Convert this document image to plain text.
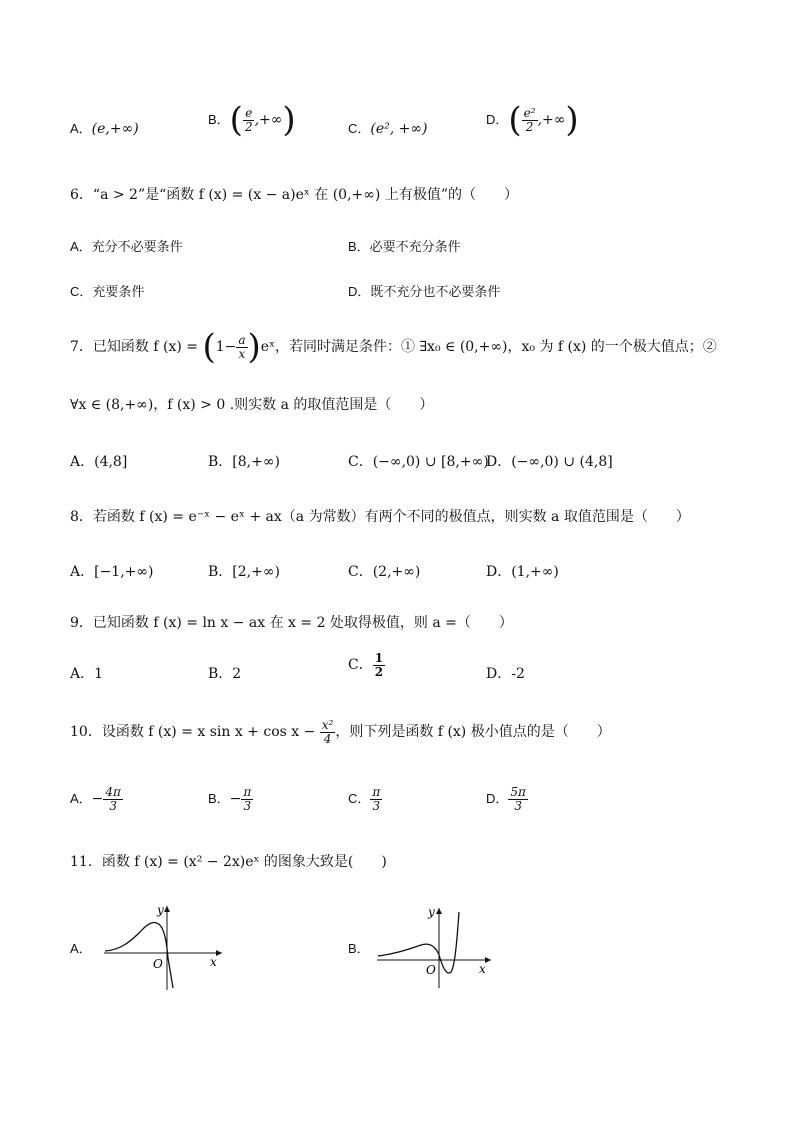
A．(e,+∞)
B．( $\frac{e}{2}$ ,+∞)	C．(e², +∞)
D．( $\frac{\text{e²}}{2}$ ,+∞)
6．“a > 2”是“函数 f (x) = (x − a)eˣ 在 (0,+∞) 上有极值”的（　　）
A．充分不必要条件	B．必要不充分条件
C．充要条件	D．既不充分也不必要条件
7．已知函数 f $(x) = (1- \frac{a}{x}$ )eˣ，若同时满足条件：① ∃x₀ ∈ (0,+∞)，x₀ 为 f (x) 的一个极大值点；②
∀x ∈ (8,+∞)，f (x) > 0 .则实数 a 的取值范围是（　　）
A．(4,8]	B．[8,+∞)	C．(−∞,0) ∪ [8,+∞)
D．(−∞,0) ∪ (4,8]
8．若函数 f (x) = e⁻ˣ − eˣ + ax（a 为常数）有两个不同的极值点，则实数 a 取值范围是（　　）
A．[−1,+∞)	B．[2,+∞)	C．(2,+∞)	D．(1,+∞)
9．已知函数 f (x) = ln x − ax 在 x = 2 处取得极值，则 a =（　　）
A．1	B．2
C． $\frac{1}{2}$	D．-2
10．设函数 f (x) = x $\sin x + \cos x - \frac{\text{x²}}{4}$ ，则下列是函数 f (x) 极小值点的是（　　）
A．− $\frac{4\pi}{3}$	B．− $\frac{\pi}{3}$	C． $\frac{\pi}{3}$	D． $\frac{5\pi}{3}$
11．函数 f (x) = (x² − 2x)eˣ 的图象大致是(　　)
A．	B．
x
y
O	x
y
O
